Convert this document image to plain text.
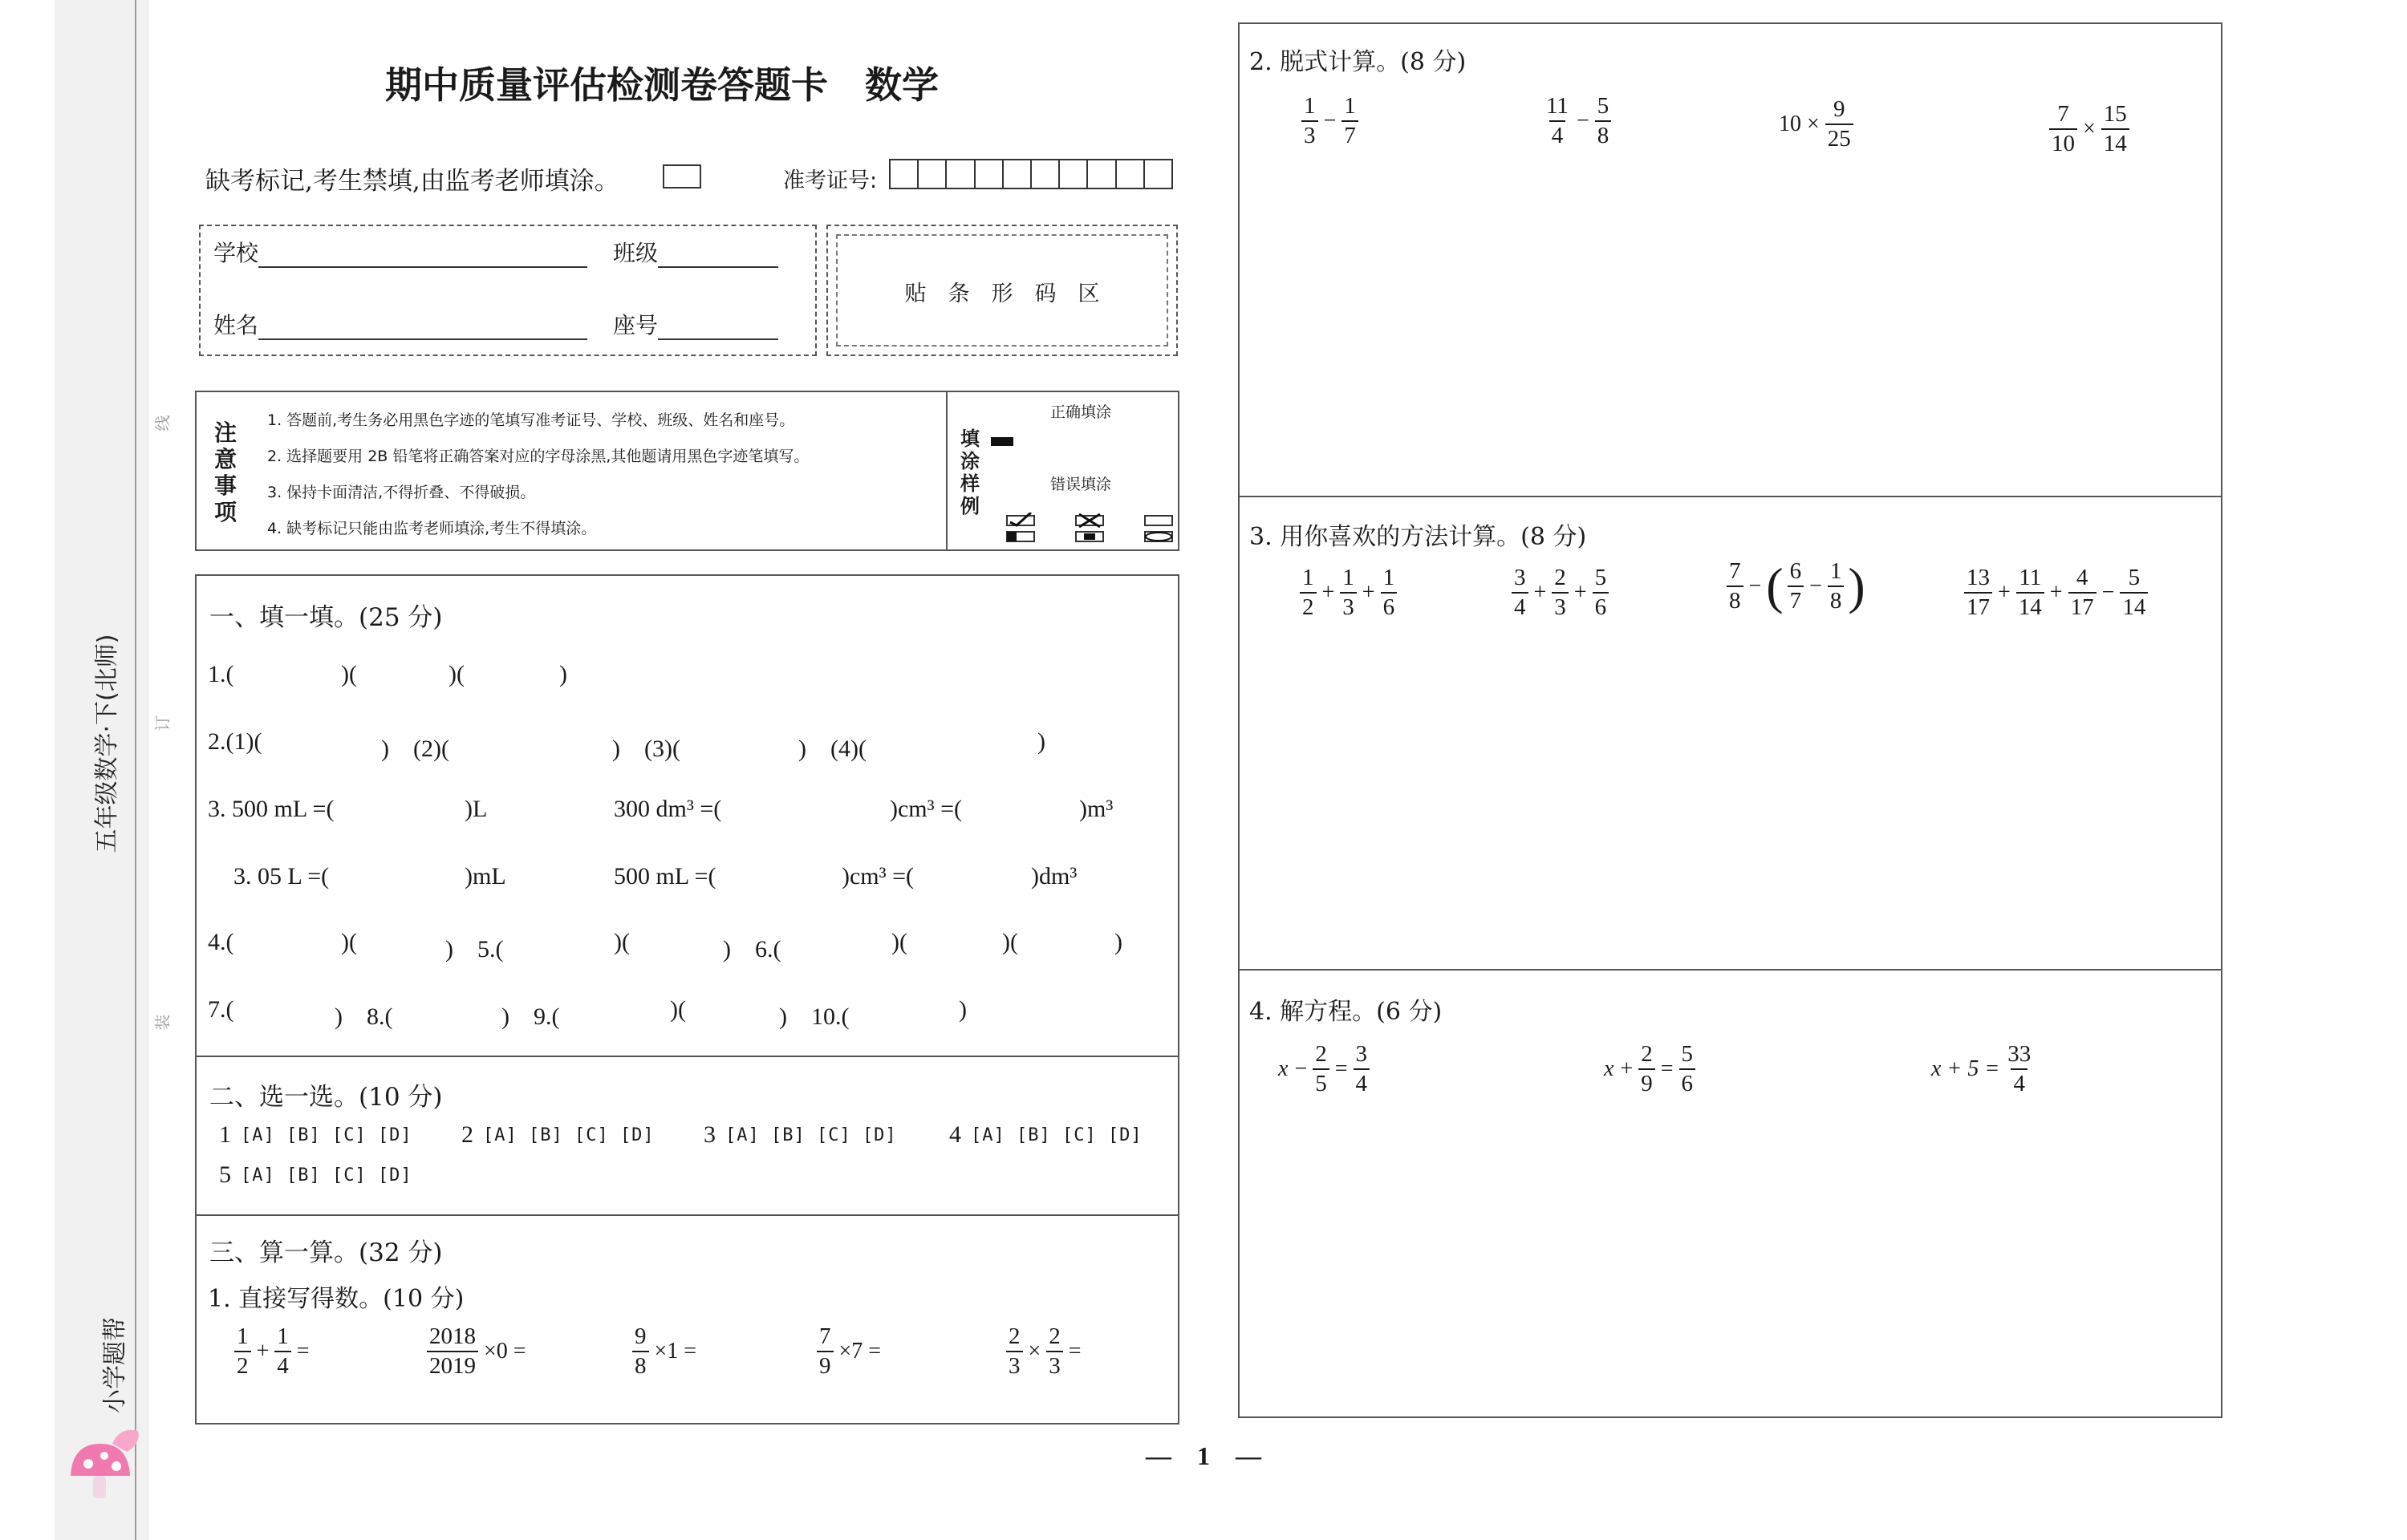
五年级数学·下(北师)
小学题帮
线
订
装
期中质量评估检测卷答题卡　数学
缺考标记,考生禁填,由监考老师填涂。	准考证号:
学校	班级
姓名	座号
贴　条　形　码　区
注意事项
1. 答题前,考生务必用黑色字迹的笔填写准考证号、学校、班级、姓名和座号。
2. 选择题要用 2B 铅笔将正确答案对应的字母涂黑,其他题请用黑色字迹笔填写。
3. 保持卡面清洁,不得折叠、不得破损。
4. 缺考标记只能由监考老师填涂,考生不得填涂。
填涂样例
正确填涂
错误填涂
一、填一填。(25 分)
1.(	)(	)(	)
2.(1)(	)　(2)(	)　(3)(	)　(4)(	)
3. 500 mL =(	)L	300 dm³ =(	)cm³ =(	)m³
3. 05 L =(	)mL	500 mL =(	)cm³ =(	)dm³
4.(	)(	)　5.(	)(	)　6.(	)(	)(	)
7.(	)　8.(	)　9.(	)(	)　10.(	)
二、选一选。(10 分)
1 [A] [B] [C] [D] 2 [A] [B] [C] [D] 3 [A] [B] [C] [D] 4 [A] [B] [C] [D]
5 [A] [B] [C] [D]
三、算一算。(32 分)
1. 直接写得数。(10 分)
$\frac{1}{2} + \frac{1}{4}$ =	$\frac{2018}{2019} \times 0$ =	$\frac{9}{8} \times 1$ =	$\frac{7}{9} \times 7$ =	$\frac{2}{3} \times \frac{2}{3}$ =
2. 脱式计算。(8 分)
$\frac{1}{3} - \frac{1}{7}$	$\frac{11}{4} - \frac{5}{8}$	$10 \times \frac{9}{25}$	$\frac{7}{10} \times \frac{15}{14}$
3. 用你喜欢的方法计算。(8 分)
$\frac{1}{2} + \frac{1}{3} + \frac{1}{6}$	$\frac{3}{4} + \frac{2}{3} + \frac{5}{6}$	$\frac{7}{8}$ − ( $\frac{6}{7} - \frac{1}{8}$ )	$\frac{13}{17} + \frac{11}{14} + \frac{4}{17} - \frac{5}{14}$
4. 解方程。(6 分)
$x - \frac{2}{5} = \frac{3}{4}$	$x + \frac{2}{9} = \frac{5}{6}$	$x + 5 = \frac{33}{4}$
—　1　—
